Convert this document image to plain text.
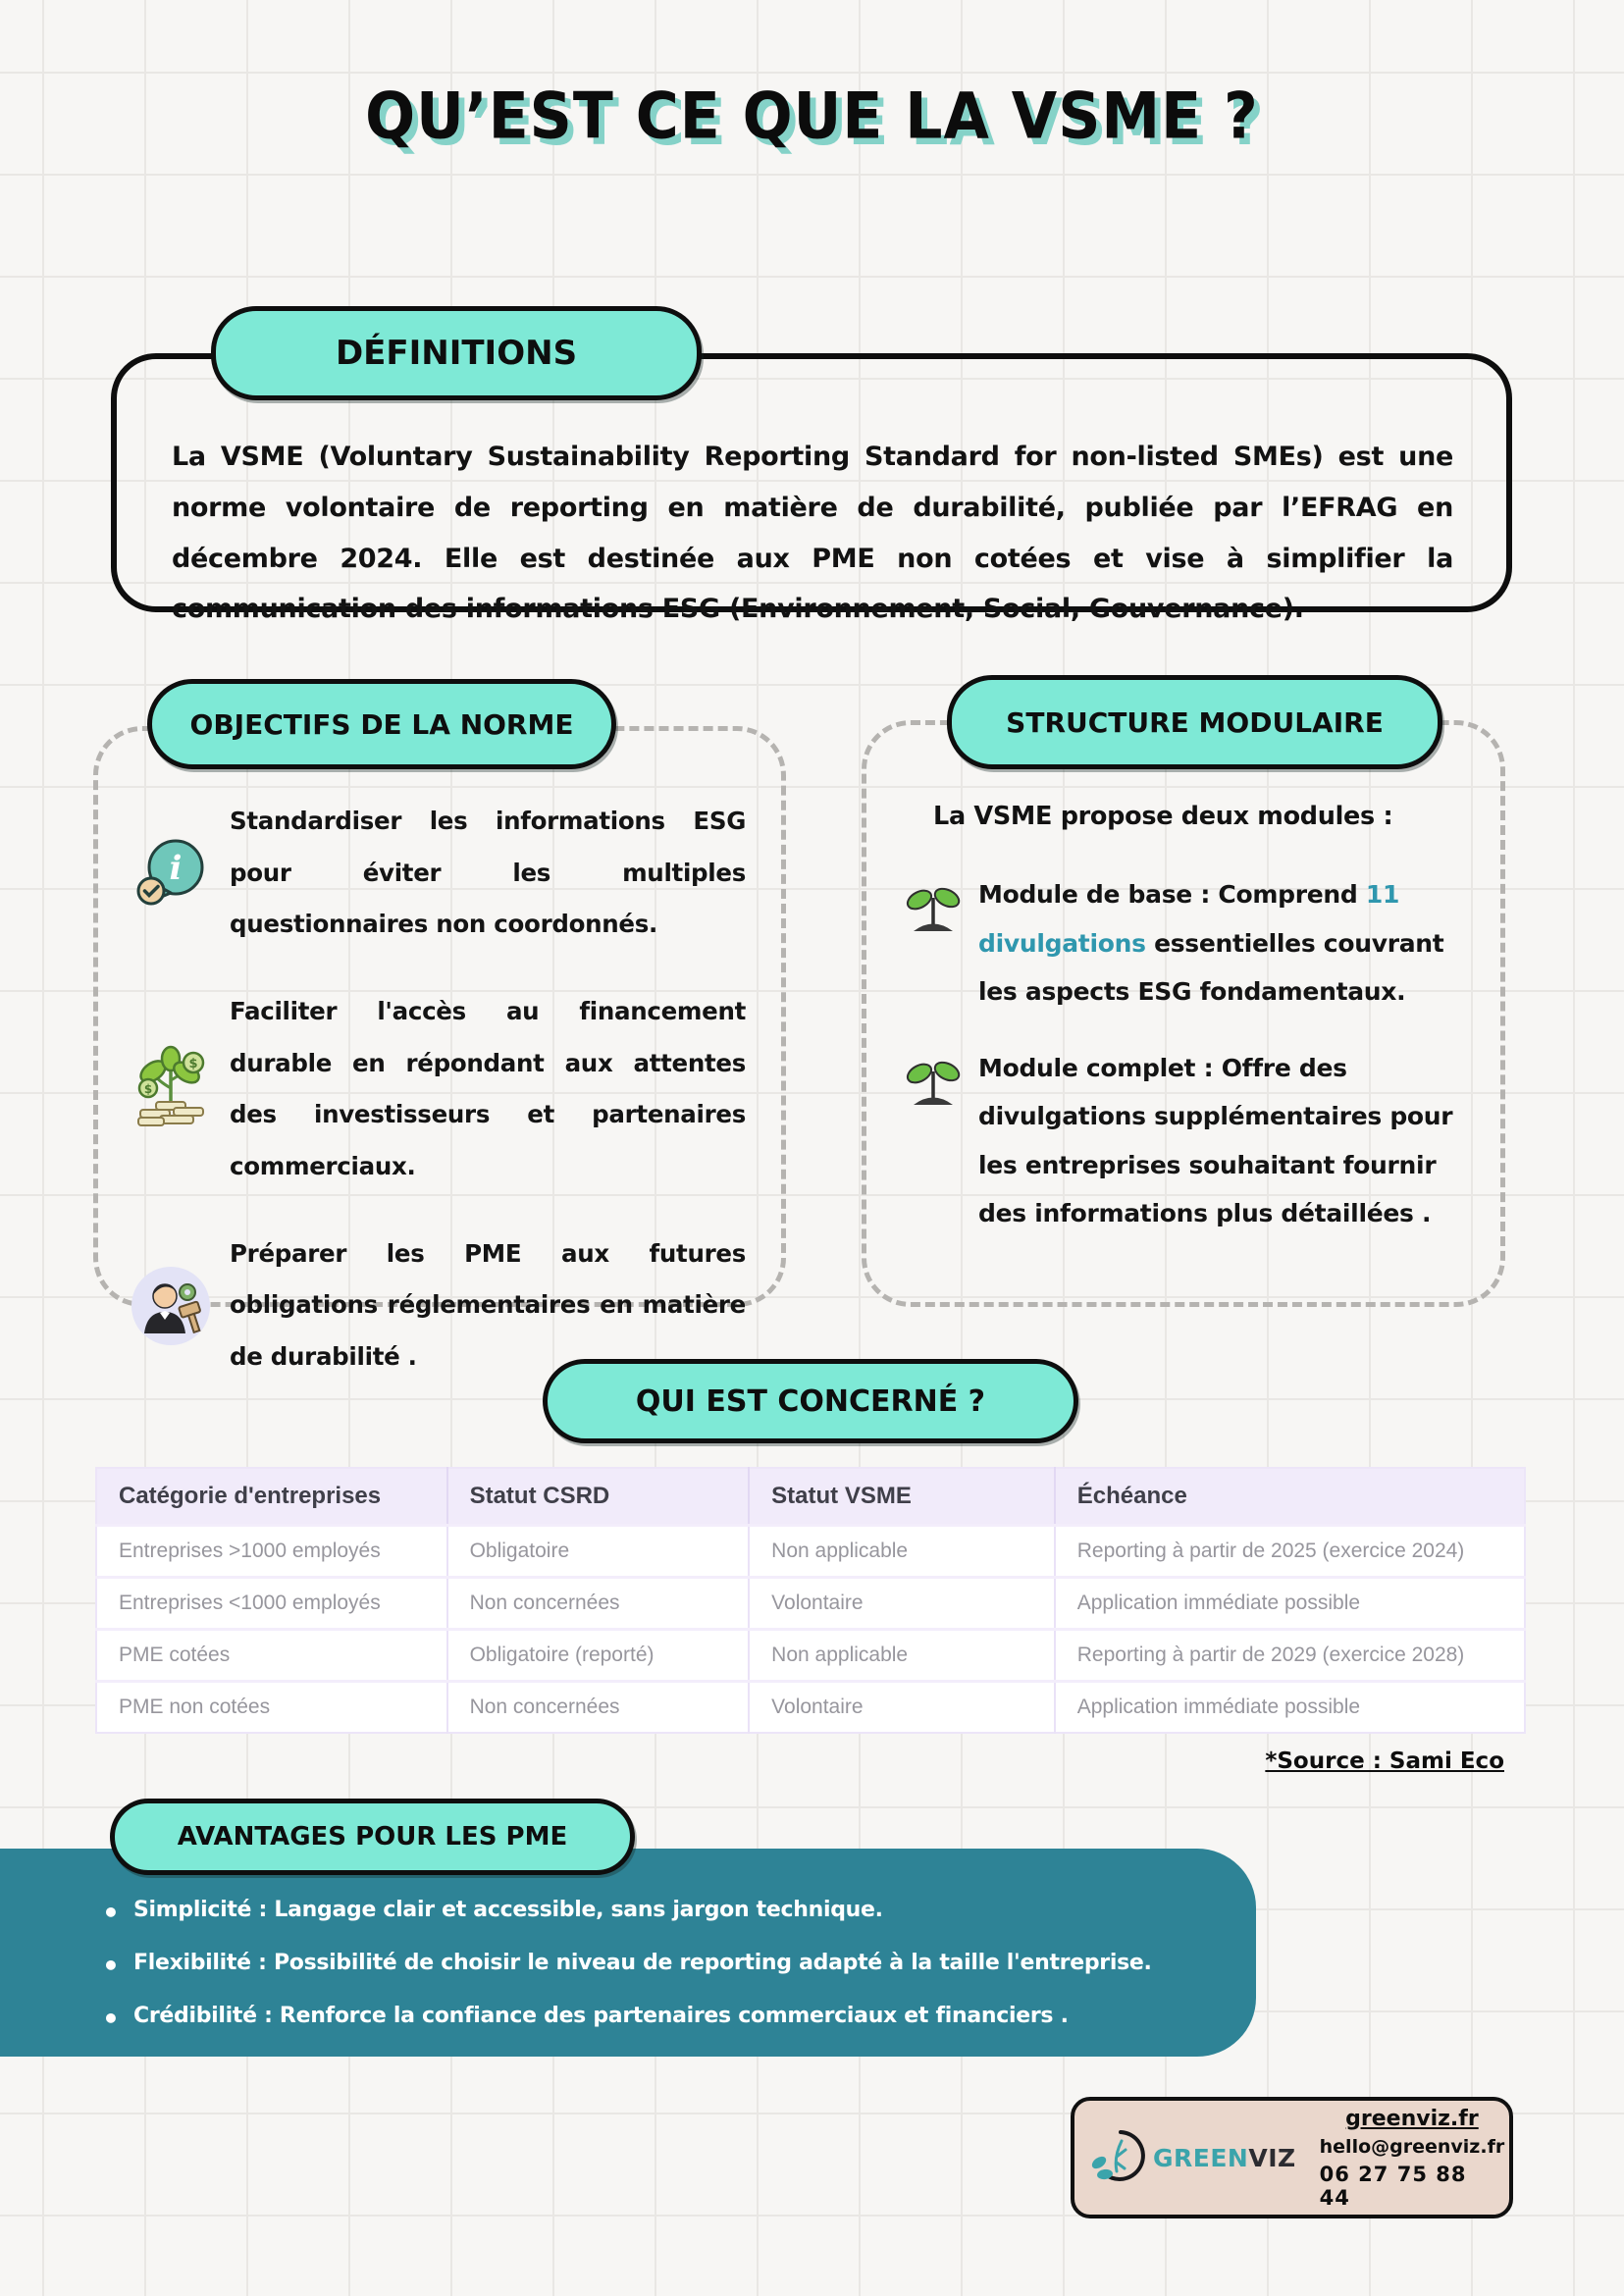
QU’EST CE QUE LA VSME ?
DÉFINITIONS
La VSME (Voluntary Sustainability Reporting Standard for non-listed SMEs) est une norme volontaire de reporting en matière de durabilité, publiée par l’EFRAG en décembre 2024. Elle est destinée aux PME non cotées et vise à simplifier la communication des informations ESG (Environnement, Social, Gouvernance).
OBJECTIFS DE LA NORME
i
Standardiser les informations ESG pour éviter les multiples questionnaires non coordonnés.
$
$
Faciliter l'accès au financement durable en répondant aux attentes des investisseurs et partenaires commerciaux.
Préparer les PME aux futures obligations réglementaires en matière de durabilité .
STRUCTURE MODULAIRE
La VSME propose deux modules :
Module de base : Comprend 11 divulgations essentielles couvrant les aspects ESG fondamentaux.
Module complet : Offre des divulgations supplémentaires pour les entreprises souhaitant fournir des informations plus détaillées .
QUI EST CONCERNÉ ?
Catégorie d'entreprises	Statut CSRD	Statut VSME	Échéance
Entreprises >1000 employés	Obligatoire	Non applicable	Reporting à partir de 2025 (exercice 2024)
Entreprises <1000 employés	Non concernées	Volontaire	Application immédiate possible
PME cotées	Obligatoire (reporté)	Non applicable	Reporting à partir de 2029 (exercice 2028)
PME non cotées	Non concernées	Volontaire	Application immédiate possible
*Source : Sami Eco
AVANTAGES POUR LES PME
• Simplicité : Langage clair et accessible, sans jargon technique.
• Flexibilité : Possibilité de choisir le niveau de reporting adapté à la taille l'entreprise.
• Crédibilité : Renforce la confiance des partenaires commerciaux et financiers .
GREENVIZ
greenviz.fr
hello@greenviz.fr
06 27 75 88 44
